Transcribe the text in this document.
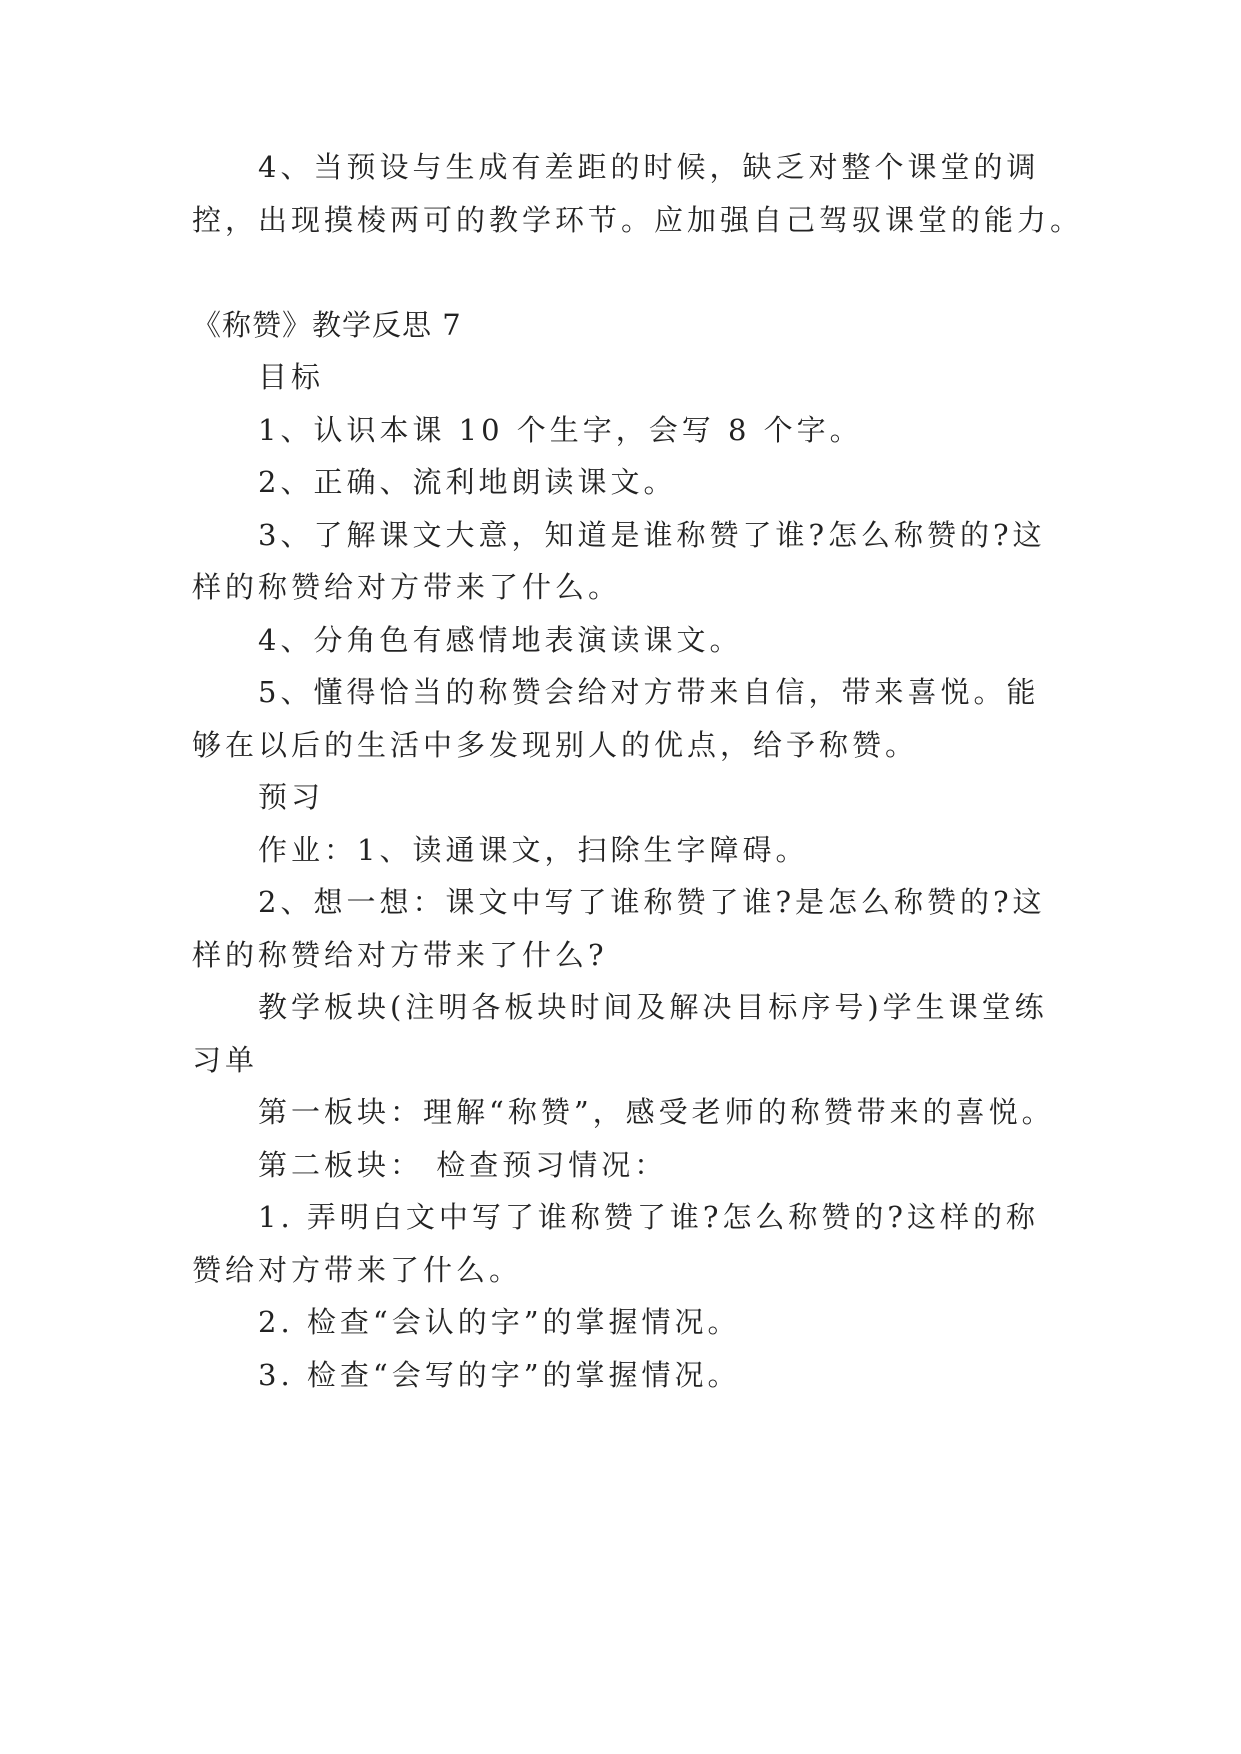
4、当预设与生成有差距的时候，缺乏对整个课堂的调
控，出现摸棱两可的教学环节。应加强自己驾驭课堂的能力。
《称赞》教学反思 7
目标
1、认识本课 10 个生字，会写 8 个字。
2、正确、流利地朗读课文。
3、了解课文大意，知道是谁称赞了谁?怎么称赞的?这
样的称赞给对方带来了什么。
4、分角色有感情地表演读课文。
5、懂得恰当的称赞会给对方带来自信，带来喜悦。能
够在以后的生活中多发现别人的优点，给予称赞。
预习
作业：1、读通课文，扫除生字障碍。
2、想一想：课文中写了谁称赞了谁?是怎么称赞的?这
样的称赞给对方带来了什么?
教学板块(注明各板块时间及解决目标序号)学生课堂练
习单
第一板块：理解“称赞”，感受老师的称赞带来的喜悦。
第二板块： 检查预习情况：
1. 弄明白文中写了谁称赞了谁?怎么称赞的?这样的称
赞给对方带来了什么。
2. 检查“会认的字”的掌握情况。
3. 检查“会写的字”的掌握情况。
